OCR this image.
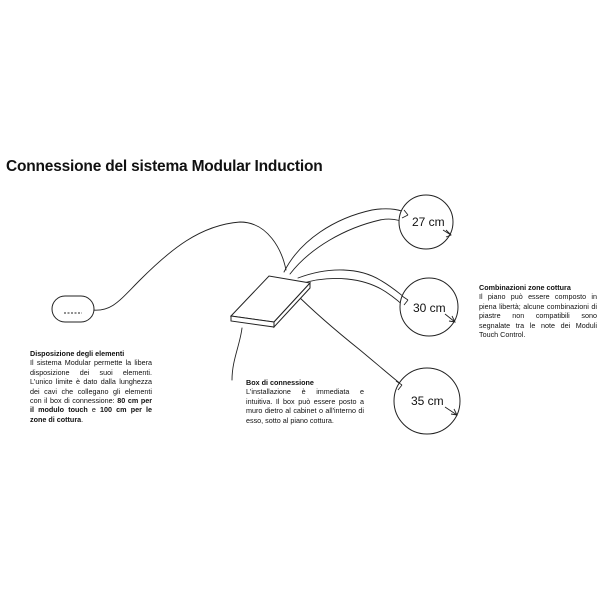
Connessione del sistema Modular Induction
27 cm
30 cm
35 cm
Disposizione degli elementi

Il sistema Modular permette la libera disposizione dei suoi elementi. L'unico limite è dato dalla lunghezza dei cavi che collegano gli elementi con il box di connessione: 80 cm per il modulo touch e 100 cm per le zone di cottura.

Box di connessione

L'installazione è immediata e intuitiva. Il box può essere posto a muro dietro al cabinet o all'interno di esso, sotto al piano cottura.

Combinazioni zone cottura

Il piano può essere composto in piena libertà; alcune combinazioni di piastre non compatibili sono segnalate tra le note dei Moduli Touch Control.
